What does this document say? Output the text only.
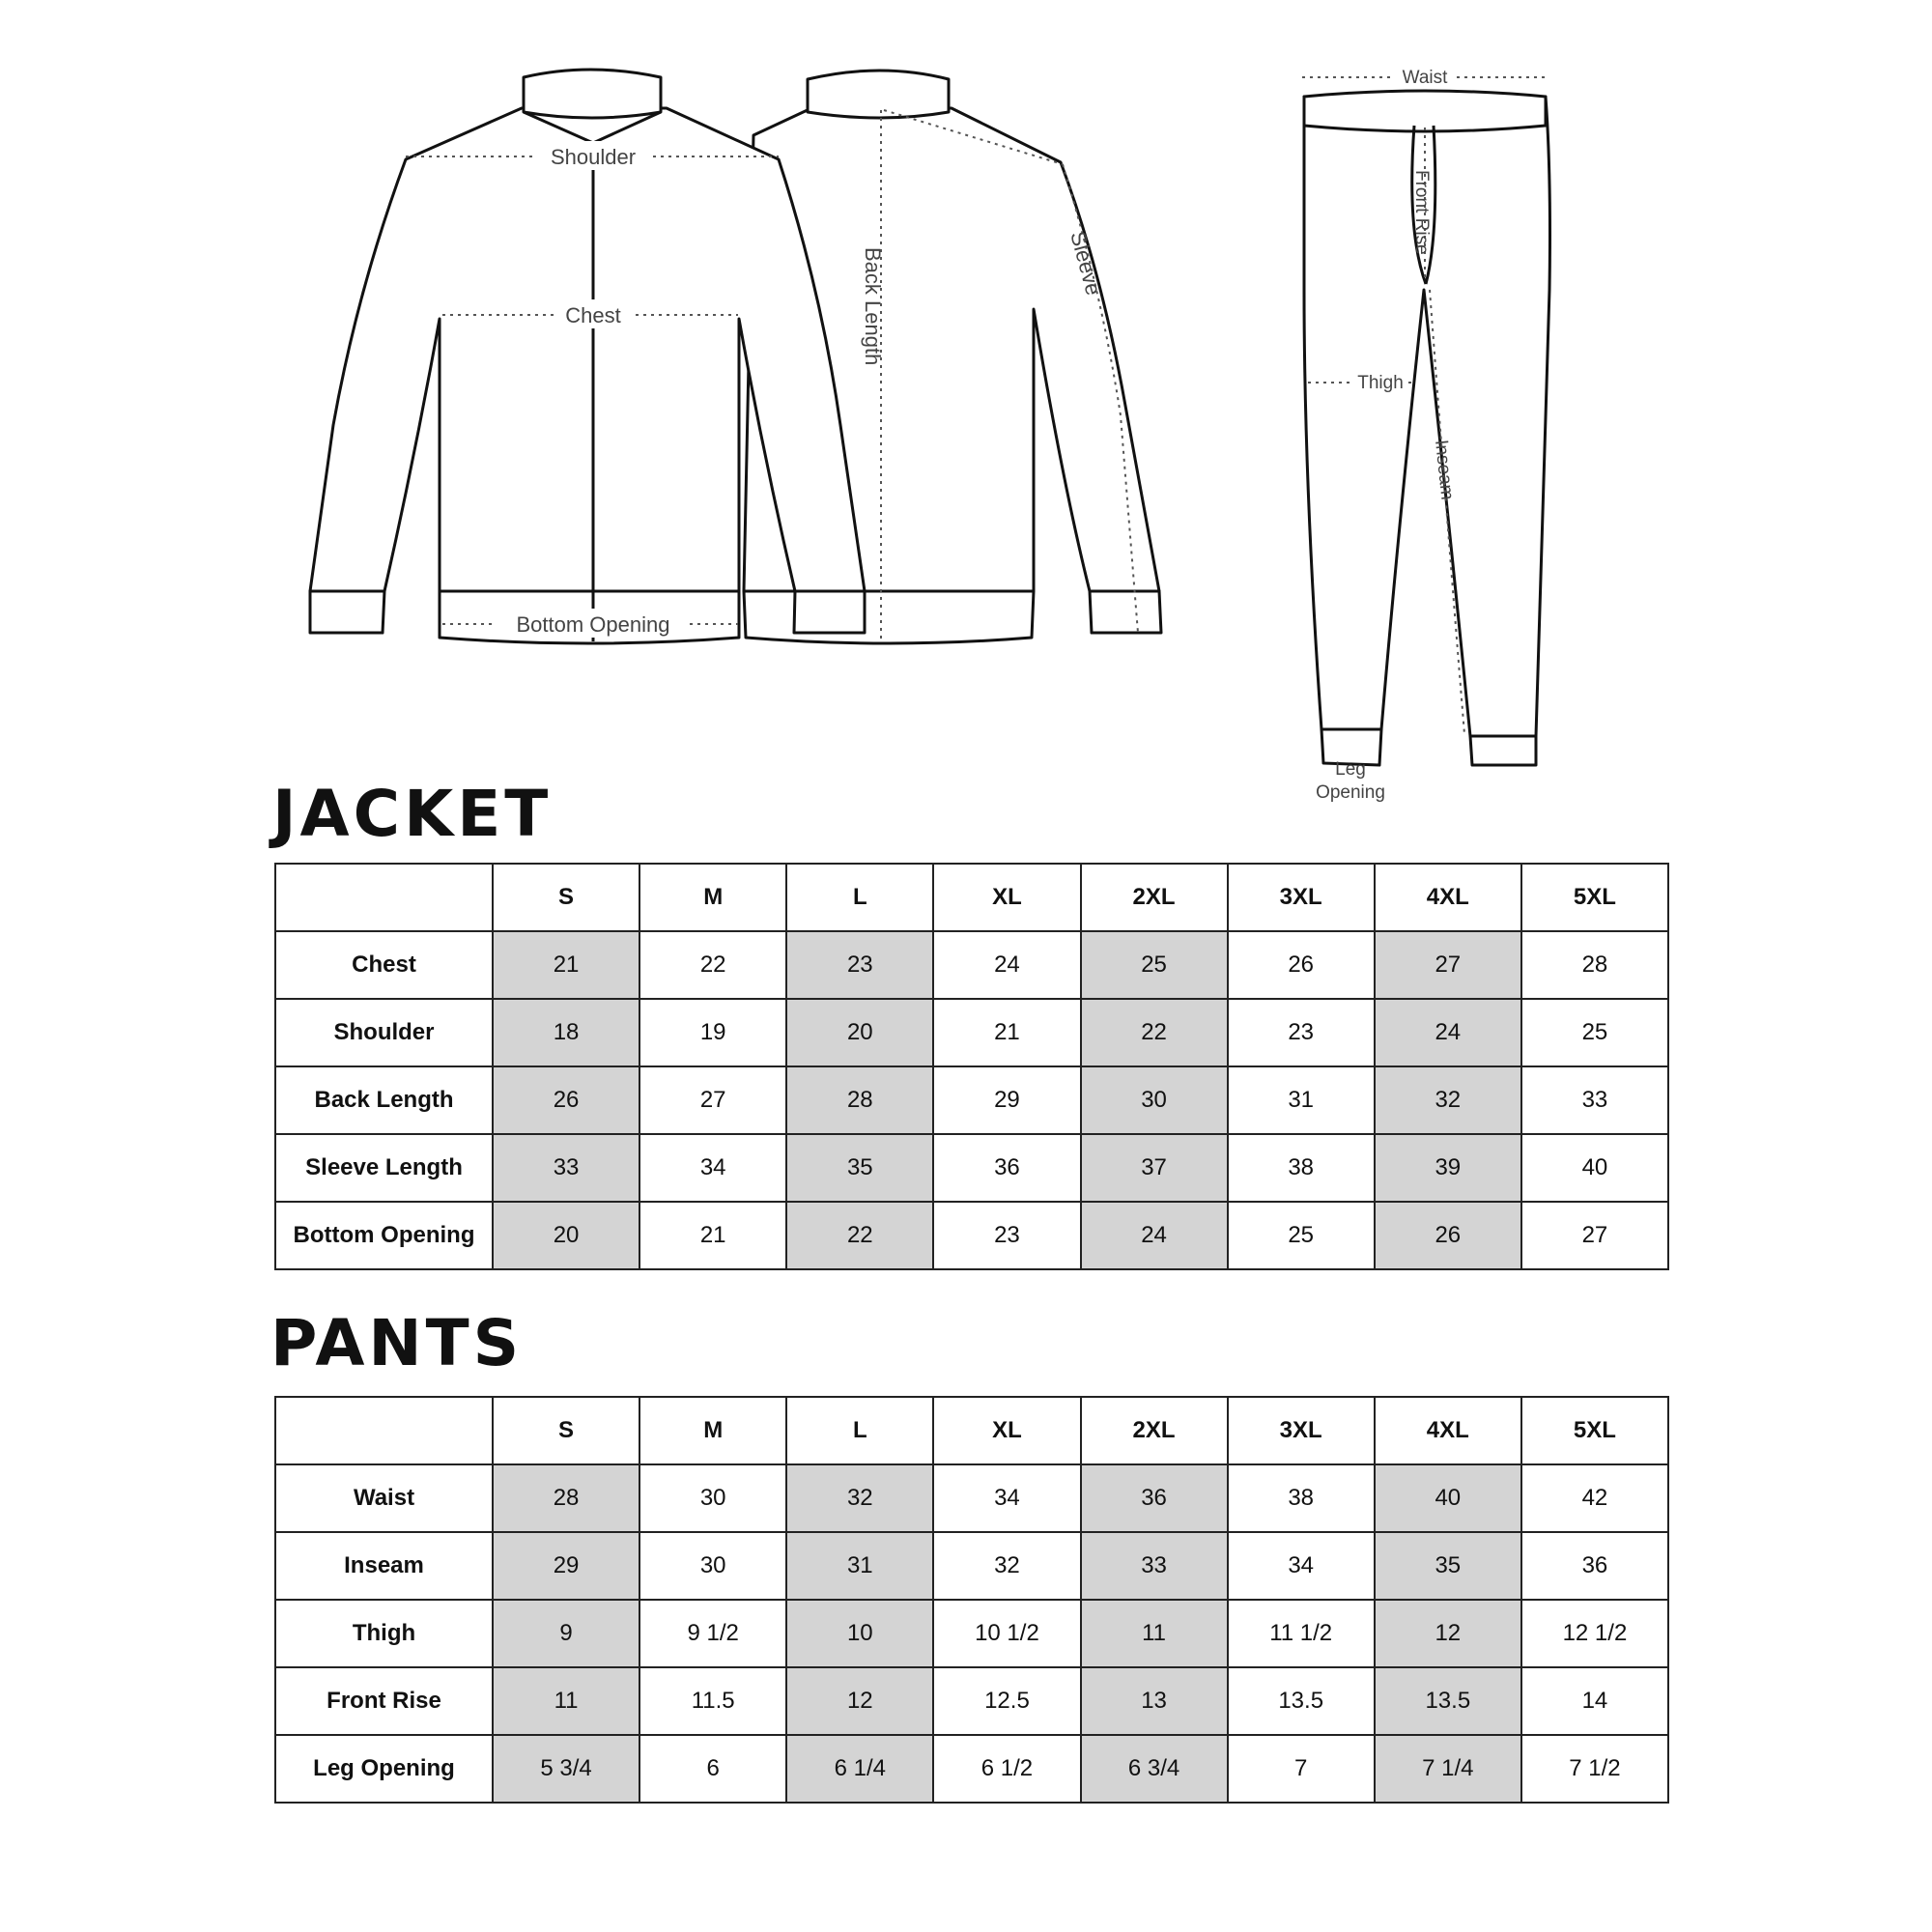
Back Length	Sleeve
Shoulder
Chest
Bottom Opening
Waist
Front Rise
Thigh
Inseam
Leg
Opening
JACKET
	S	M	L	XL	2XL	3XL	4XL	5XL
Chest	21	22	23	24	25	26	27	28
Shoulder	18	19	20	21	22	23	24	25
Back Length	26	27	28	29	30	31	32	33
Sleeve Length	33	34	35	36	37	38	39	40
Bottom Opening	20	21	22	23	24	25	26	27
PANTS
	S	M	L	XL	2XL	3XL	4XL	5XL
Waist	28	30	32	34	36	38	40	42
Inseam	29	30	31	32	33	34	35	36
Thigh	9	9 1/2	10	10 1/2	11	11 1/2	12	12 1/2
Front Rise	11	11.5	12	12.5	13	13.5	13.5	14
Leg Opening	5 3/4	6	6 1/4	6 1/2	6 3/4	7	7 1/4	7 1/2
